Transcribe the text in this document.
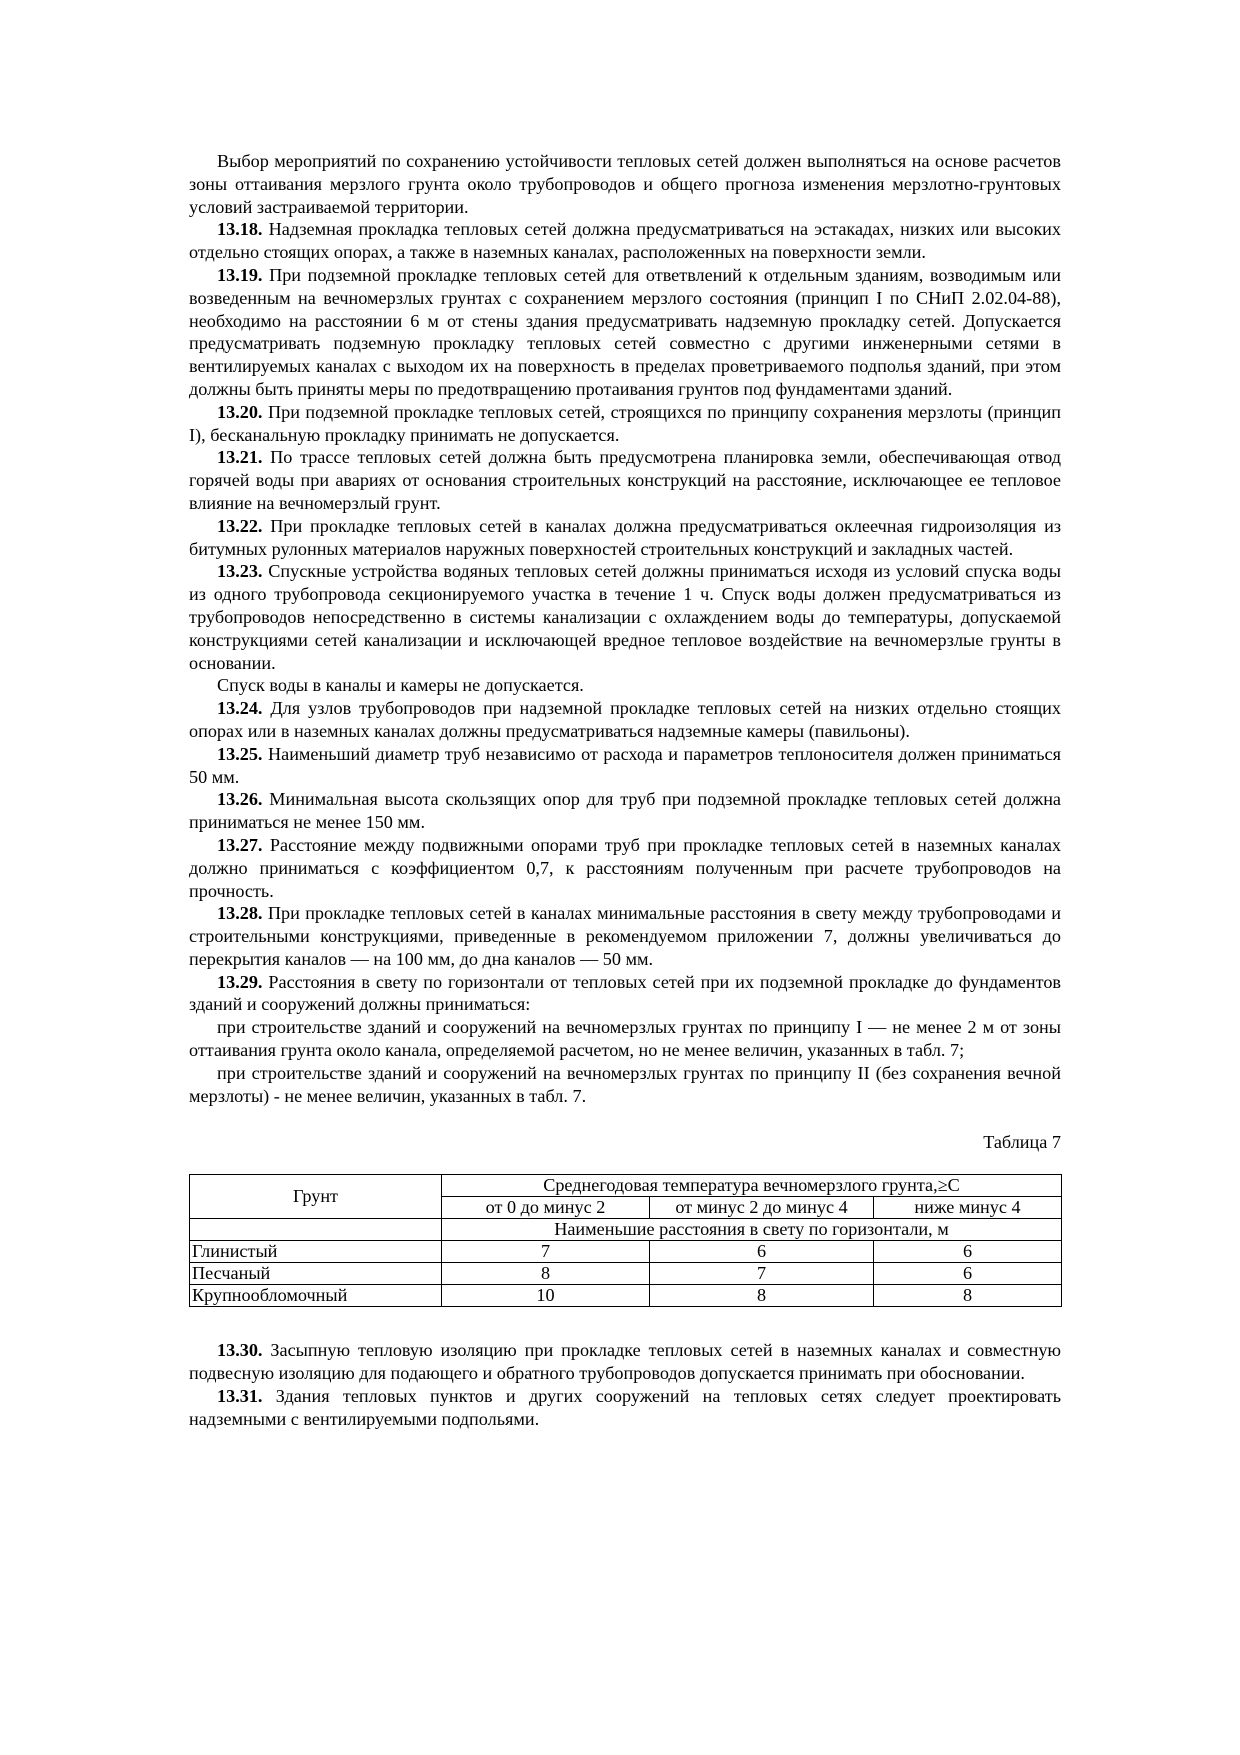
Выбор мероприятий по сохранению устойчивости тепловых сетей должен выполняться на основе расчетов зоны оттаивания мерзлого грунта около трубопроводов и общего прогноза изменения мерзлотно-грунтовых условий застраиваемой территории.

13.18. Надземная прокладка тепловых сетей должна предусматриваться на эстакадах, низких или высоких отдельно стоящих опорах, а также в наземных каналах, расположенных на поверхности земли.

13.19. При подземной прокладке тепловых сетей для ответвлений к отдельным зданиям, возводимым или возведенным на вечномерзлых грунтах с сохранением мерзлого состояния (принцип I по СНиП 2.02.04-88), необходимо на расстоянии 6 м от стены здания предусматривать надземную прокладку сетей. Допускается предусматривать подземную прокладку тепловых сетей совместно с другими инженерными сетями в вентилируемых каналах с выходом их на поверхность в пределах проветриваемого подполья зданий, при этом должны быть приняты меры по предотвращению протаивания грунтов под фундаментами зданий.

13.20. При подземной прокладке тепловых сетей, строящихся по принципу сохранения мерзлоты (принцип I), бесканальную прокладку принимать не допускается.

13.21. По трассе тепловых сетей должна быть предусмотрена планировка земли, обеспечивающая отвод горячей воды при авариях от основания строительных конструкций на расстояние, исключающее ее тепловое влияние на вечномерзлый грунт.

13.22. При прокладке тепловых сетей в каналах должна предусматриваться оклеечная гидроизоляция из битумных рулонных материалов наружных поверхностей строительных конструкций и закладных частей.

13.23. Спускные устройства водяных тепловых сетей должны приниматься исходя из условий спуска воды из одного трубопровода секционируемого участка в течение 1 ч. Спуск воды должен предусматриваться из трубопроводов непосредственно в системы канализации с охлаждением воды до температуры, допускаемой конструкциями сетей канализации и исключающей вредное тепловое воздействие на вечномерзлые грунты в основании.

Спуск воды в каналы и камеры не допускается.

13.24. Для узлов трубопроводов при надземной прокладке тепловых сетей на низких отдельно стоящих опорах или в наземных каналах должны предусматриваться надземные камеры (павильоны).

13.25. Наименьший диаметр труб независимо от расхода и параметров теплоносителя должен приниматься 50 мм.

13.26. Минимальная высота скользящих опор для труб при подземной прокладке тепловых сетей должна приниматься не менее 150 мм.

13.27. Расстояние между подвижными опорами труб при прокладке тепловых сетей в наземных каналах должно приниматься с коэффициентом 0,7, к расстояниям полученным при расчете трубопроводов на прочность.

13.28. При прокладке тепловых сетей в каналах минимальные расстояния в свету между трубопроводами и строительными конструкциями, приведенные в рекомендуемом приложении 7, должны увеличиваться до перекрытия каналов — на 100 мм, до дна каналов — 50 мм.

13.29. Расстояния в свету по горизонтали от тепловых сетей при их подземной прокладке до фундаментов зданий и сооружений должны приниматься:

при строительстве зданий и сооружений на вечномерзлых грунтах по принципу I — не менее 2 м от зоны оттаивания грунта около канала, определяемой расчетом, но не менее величин, указанных в табл. 7;

при строительстве зданий и сооружений на вечномерзлых грунтах по принципу II (без сохранения вечной мерзлоты) - не менее величин, указанных в табл. 7.

Таблица 7

Грунт	Среднегодовая температура вечномерзлого грунта,≥С		
	от 0 до минус 2	от минус 2 до минус 4	ниже минус 4
	Наименьшие расстояния в свету по горизонтали, м		
Глинистый	7	6	6
Песчаный	8	7	6
Крупнообломочный	10	8	8

13.30. Засыпную тепловую изоляцию при прокладке тепловых сетей в наземных каналах и совместную подвесную изоляцию для подающего и обратного трубопроводов допускается принимать при обосновании.

13.31. Здания тепловых пунктов и других сооружений на тепловых сетях следует проектировать надземными с вентилируемыми подпольями.
